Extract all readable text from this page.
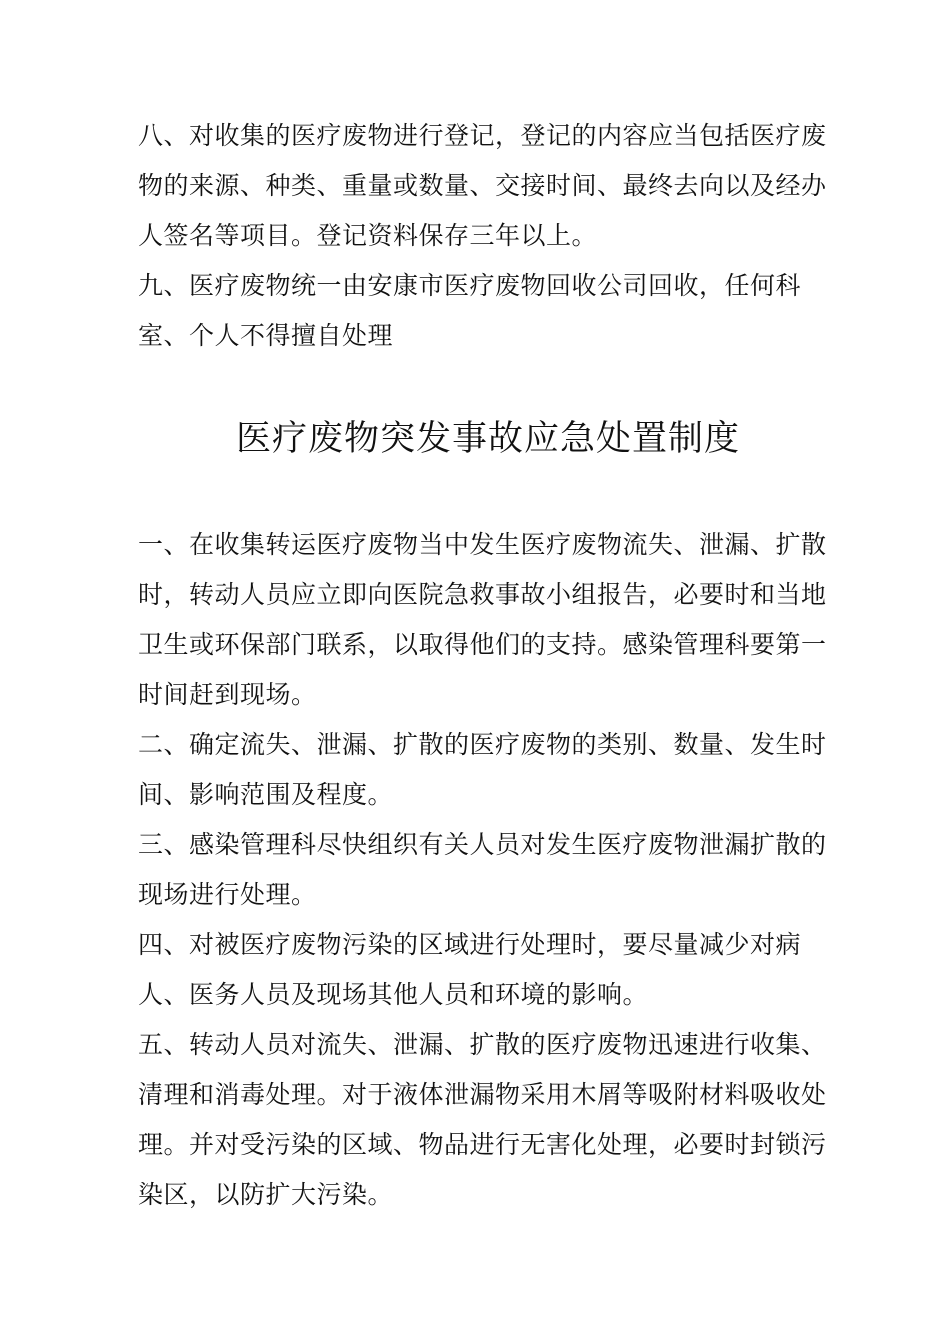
八、对收集的医疗废物进行登记，登记的内容应当包括医疗废物的来源、种类、重量或数量、交接时间、最终去向以及经办人签名等项目。登记资料保存三年以上。

九、医疗废物统一由安康市医疗废物回收公司回收，任何科室、个人不得擅自处理

医疗废物突发事故应急处置制度

一、在收集转运医疗废物当中发生医疗废物流失、泄漏、扩散时，转动人员应立即向医院急救事故小组报告，必要时和当地卫生或环保部门联系，以取得他们的支持。感染管理科要第一时间赶到现场。

二、确定流失、泄漏、扩散的医疗废物的类别、数量、发生时间、影响范围及程度。

三、感染管理科尽快组织有关人员对发生医疗废物泄漏扩散的现场进行处理。

四、对被医疗废物污染的区域进行处理时，要尽量减少对病人、医务人员及现场其他人员和环境的影响。

五、转动人员对流失、泄漏、扩散的医疗废物迅速进行收集、清理和消毒处理。对于液体泄漏物采用木屑等吸附材料吸收处理。并对受污染的区域、物品进行无害化处理，必要时封锁污染区，以防扩大污染。
